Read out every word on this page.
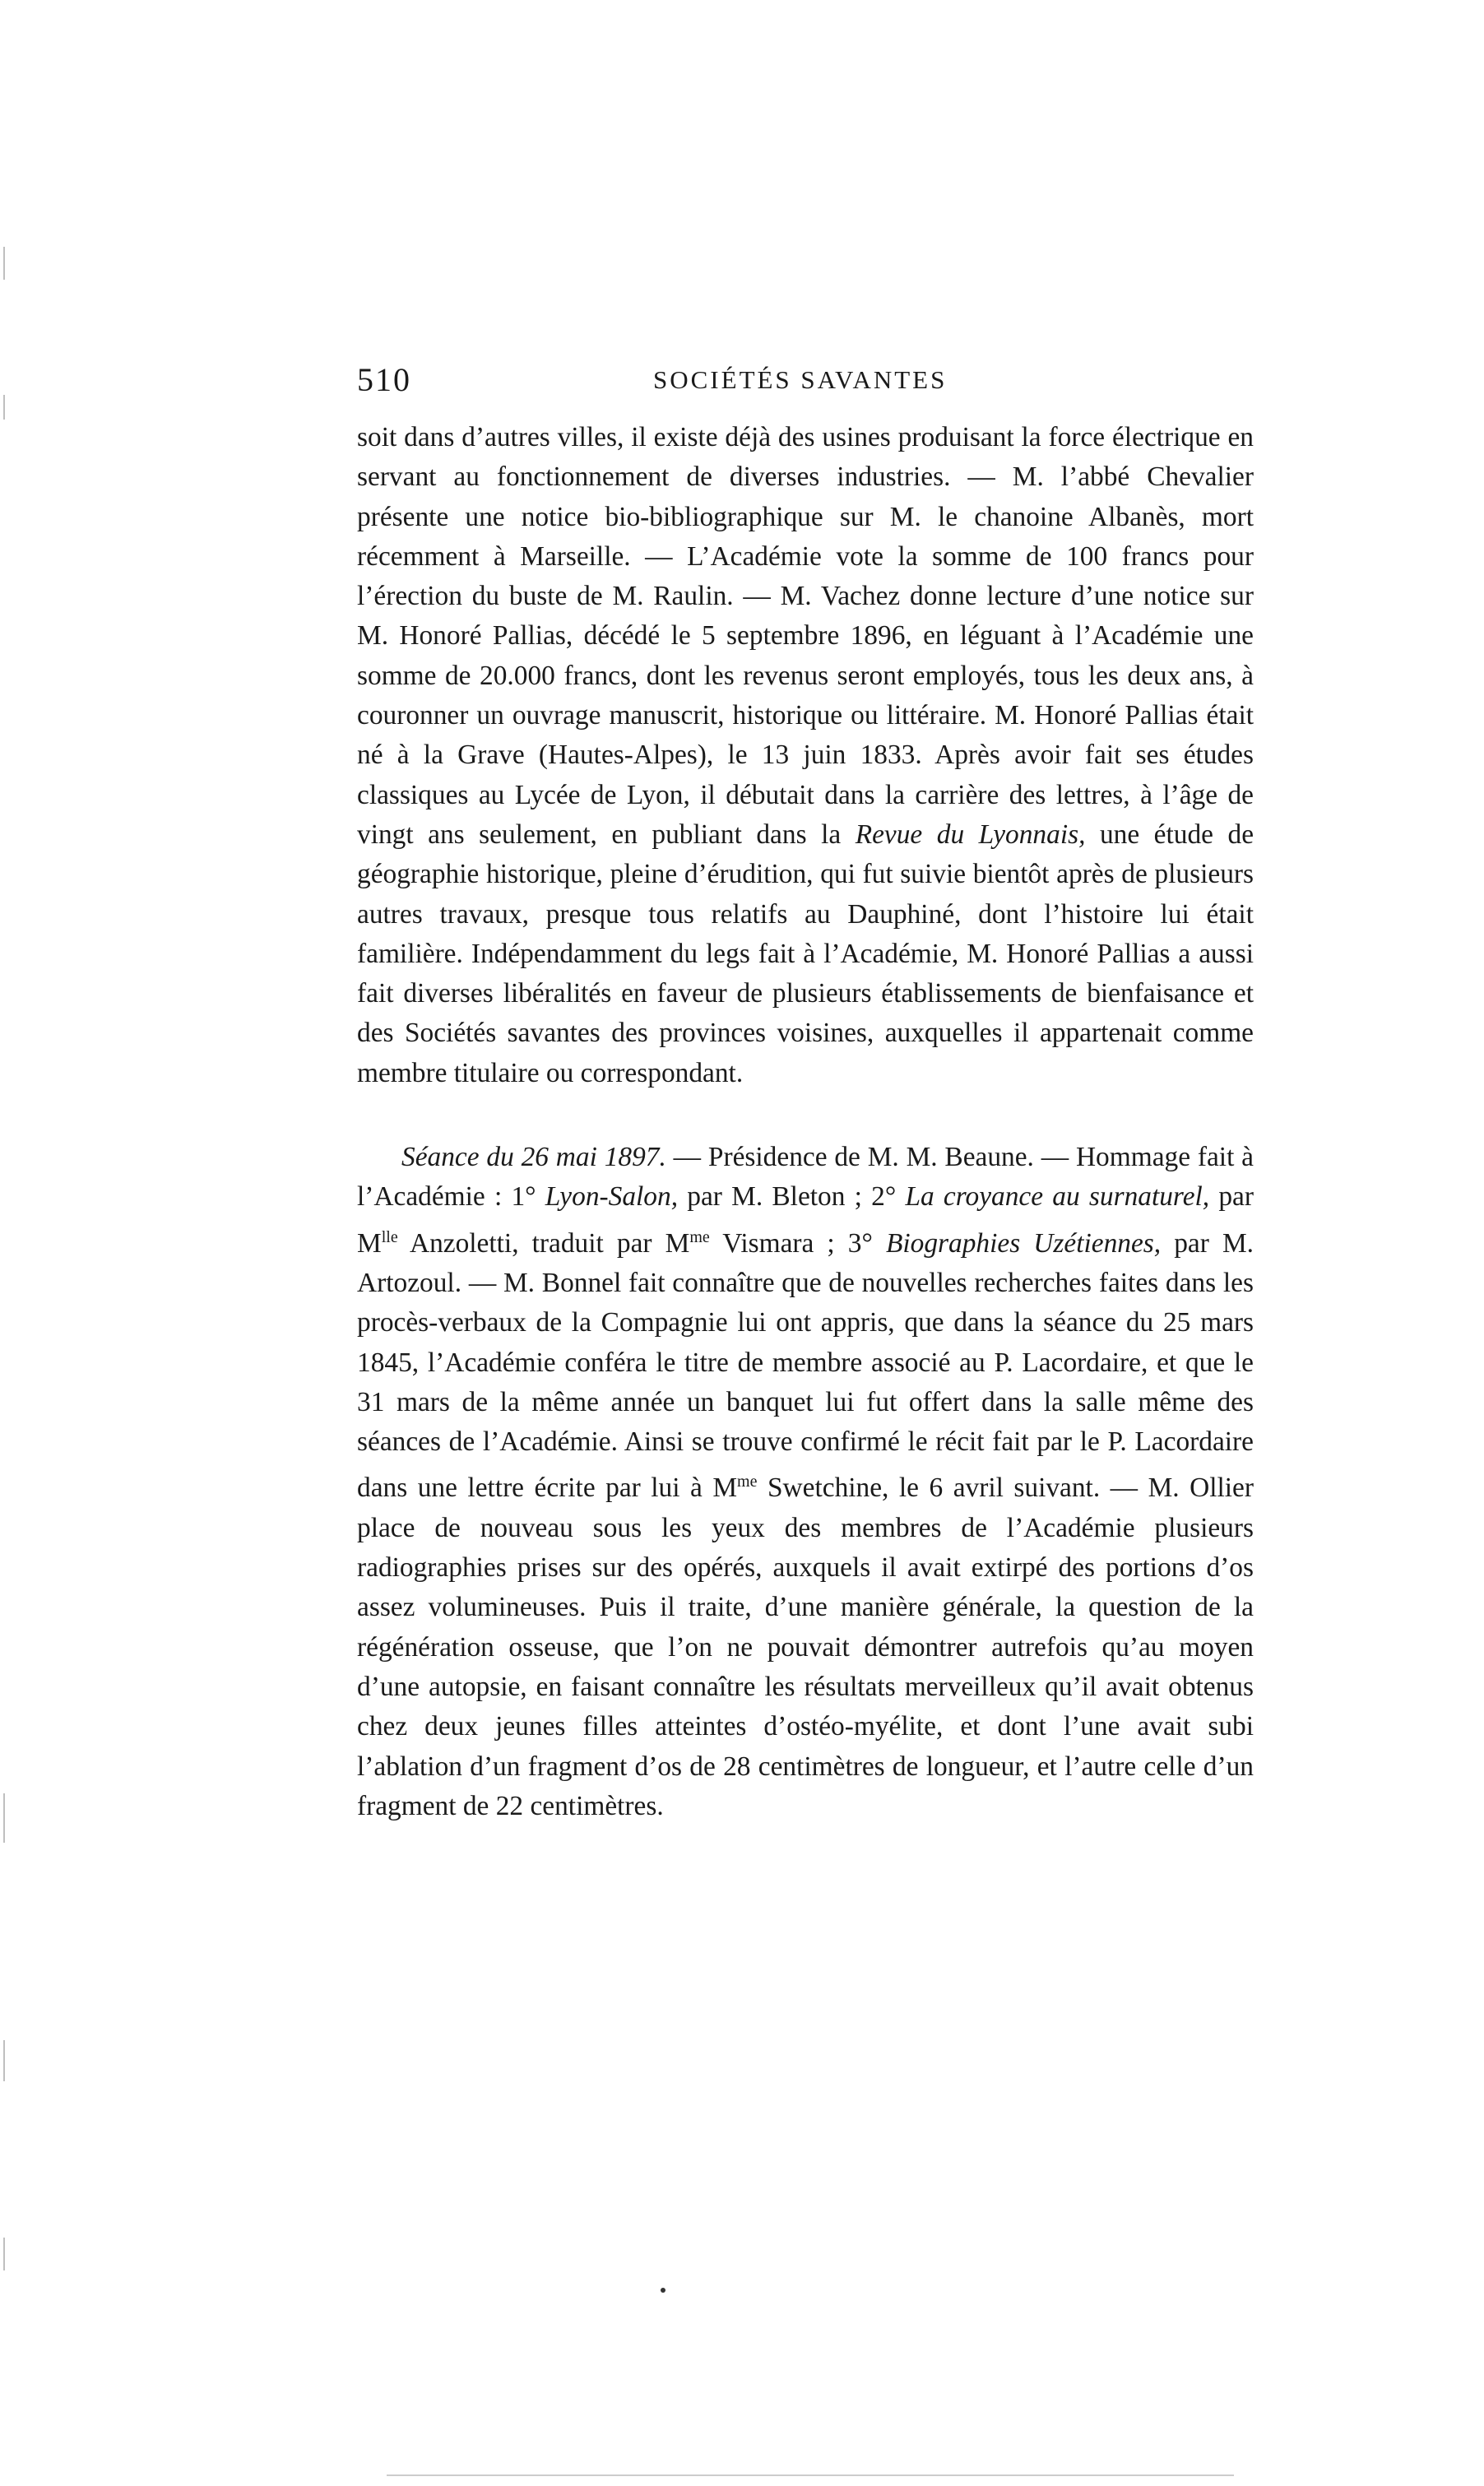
510	SOCIÉTÉS SAVANTES

soit dans d’autres villes, il existe déjà des usines produisant la force électrique en servant au fonctionnement de diverses industries. — M. l’abbé Chevalier présente une notice bio-bibliographique sur M. le chanoine Albanès, mort récemment à Marseille. — L’Académie vote la somme de 100 francs pour l’érection du buste de M. Raulin. — M. Vachez donne lecture d’une notice sur M. Honoré Pallias, décédé le 5 septembre 1896, en léguant à l’Académie une somme de 20.000 francs, dont les revenus seront employés, tous les deux ans, à couronner un ouvrage manuscrit, historique ou littéraire. M. Honoré Pallias était né à la Grave (Hautes-Alpes), le 13 juin 1833. Après avoir fait ses études classiques au Lycée de Lyon, il débutait dans la carrière des lettres, à l’âge de vingt ans seulement, en publiant dans la Revue du Lyonnais, une étude de géographie historique, pleine d’érudition, qui fut suivie bientôt après de plusieurs autres travaux, presque tous relatifs au Dauphiné, dont l’histoire lui était familière. Indépendamment du legs fait à l’Académie, M. Honoré Pallias a aussi fait diverses libéralités en faveur de plusieurs établissements de bienfaisance et des Sociétés savantes des provinces voisines, auxquelles il appartenait comme membre titulaire ou correspondant.

Séance du 26 mai 1897. — Présidence de M. M. Beaune. — Hommage fait à l’Académie : 1° Lyon-Salon, par M. Bleton ; 2° La croyance au surnaturel, par $M^{lle}$ Anzoletti, traduit par $M^{me}$ Vismara ; 3° Biographies Uzétiennes, par M. Artozoul. — M. Bonnel fait connaître que de nouvelles recherches faites dans les procès-verbaux de la Compagnie lui ont appris, que dans la séance du 25 mars 1845, l’Académie conféra le titre de membre associé au P. Lacordaire, et que le 31 mars de la même année un banquet lui fut offert dans la salle même des séances de l’Académie. Ainsi se trouve confirmé le récit fait par le P. Lacordaire dans une lettre écrite par lui à $M^{me}$ Swetchine, le 6 avril suivant. — M. Ollier place de nouveau sous les yeux des membres de l’Académie plusieurs radiographies prises sur des opérés, auxquels il avait extirpé des portions d’os assez volumineuses. Puis il traite, d’une manière générale, la question de la régénération osseuse, que l’on ne pouvait démontrer autrefois qu’au moyen d’une autopsie, en faisant connaître les résultats merveilleux qu’il avait obtenus chez deux jeunes filles atteintes d’ostéo-myélite, et dont l’une avait subi l’ablation d’un fragment d’os de 28 centimètres de longueur, et l’autre celle d’un fragment de 22 centimètres.
